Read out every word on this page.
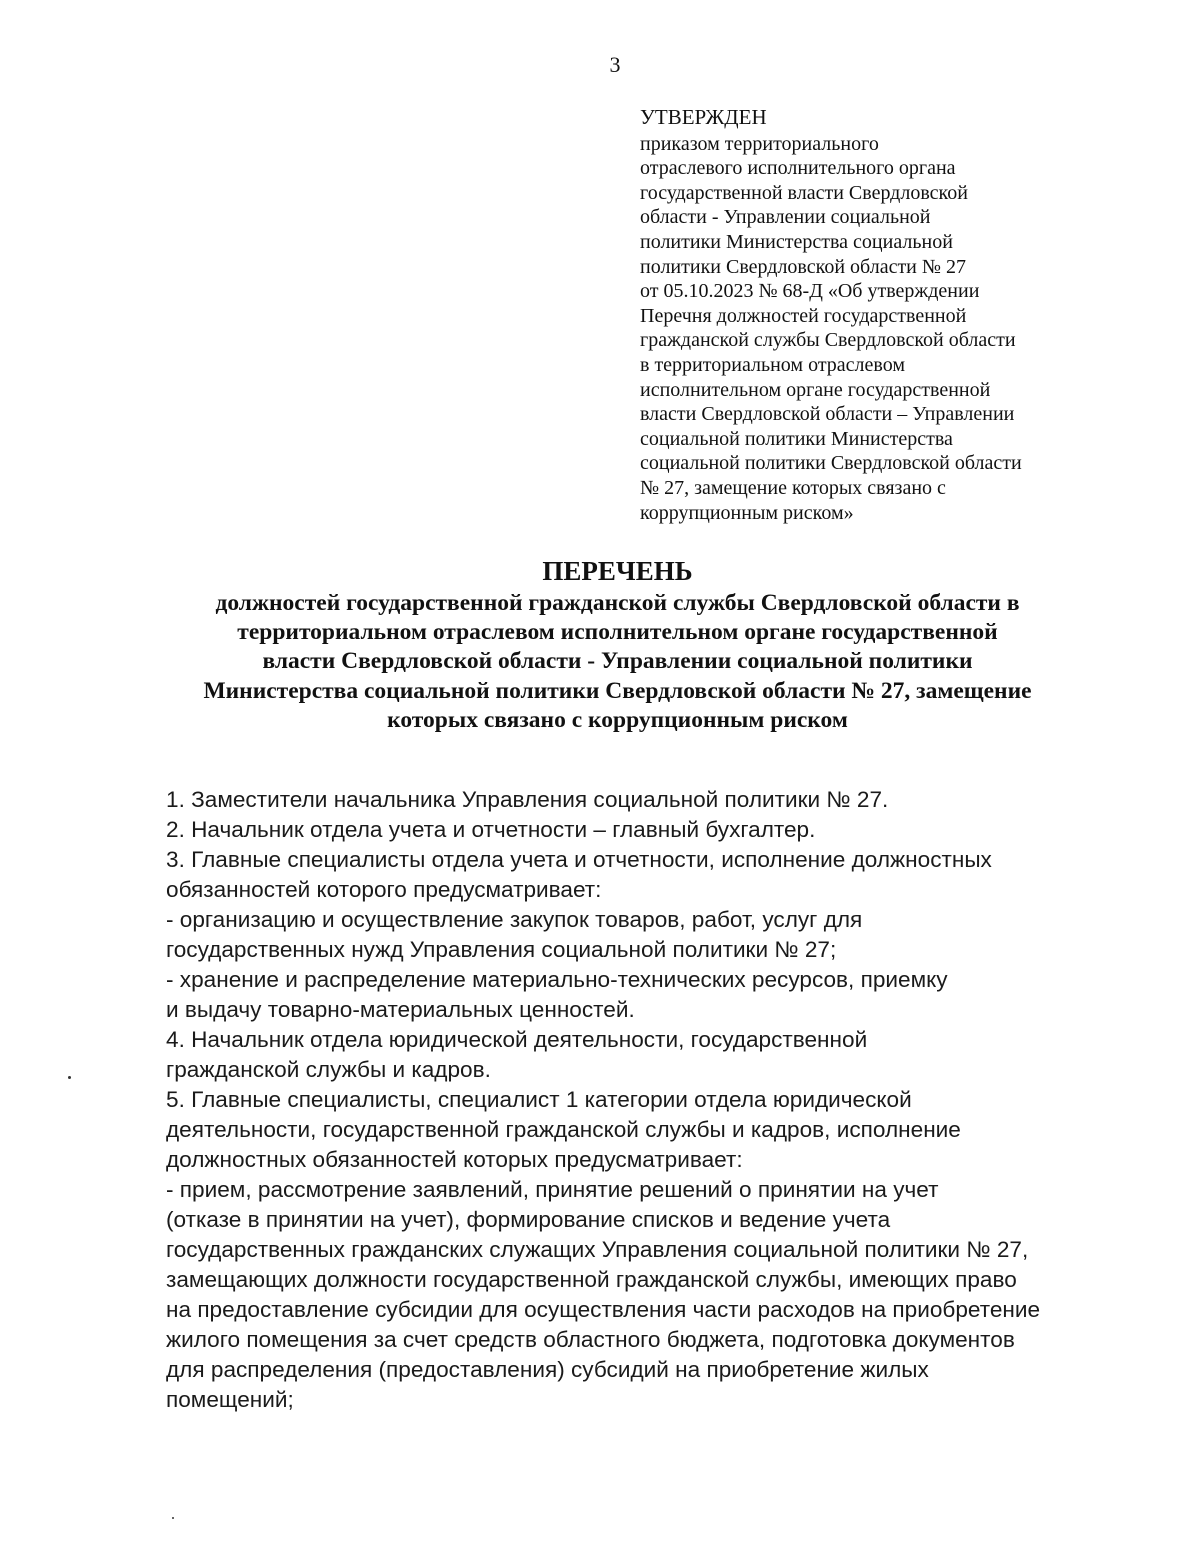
3
УТВЕРЖДЕН
приказом территориального
отраслевого исполнительного органа
государственной власти Свердловской
области - Управлении социальной
политики Министерства социальной
политики Свердловской области № 27
от 05.10.2023 № 68-Д «Об утверждении
Перечня должностей государственной
гражданской службы Свердловской области
в территориальном отраслевом
исполнительном органе государственной
власти Свердловской области – Управлении
социальной политики Министерства
социальной политики Свердловской области
№ 27, замещение которых связано с
коррупционным риском»
ПЕРЕЧЕНЬ
должностей государственной гражданской службы Свердловской области в
территориальном отраслевом исполнительном органе государственной
власти Свердловской области - Управлении социальной политики
Министерства социальной политики Свердловской области № 27, замещение
которых связано с коррупционным риском
1. Заместители начальника Управления социальной политики № 27.
2. Начальник отдела учета и отчетности – главный бухгалтер.
3. Главные специалисты отдела учета и отчетности, исполнение должностных
обязанностей которого предусматривает:
- организацию и осуществление закупок товаров, работ, услуг для
государственных нужд Управления социальной политики № 27;
- хранение и распределение материально-технических ресурсов, приемку
и выдачу товарно-материальных ценностей.
4. Начальник отдела юридической деятельности, государственной
гражданской службы и кадров.
5. Главные специалисты, специалист 1 категории отдела юридической
деятельности, государственной гражданской службы и кадров, исполнение
должностных обязанностей которых предусматривает:
- прием, рассмотрение заявлений, принятие решений о принятии на учет
(отказе в принятии на учет), формирование списков и ведение учета
государственных гражданских служащих Управления социальной политики № 27,
замещающих должности государственной гражданской службы, имеющих право
на предоставление субсидии для осуществления части расходов на приобретение
жилого помещения за счет средств областного бюджета, подготовка документов
для распределения (предоставления) субсидий на приобретение жилых
помещений;
